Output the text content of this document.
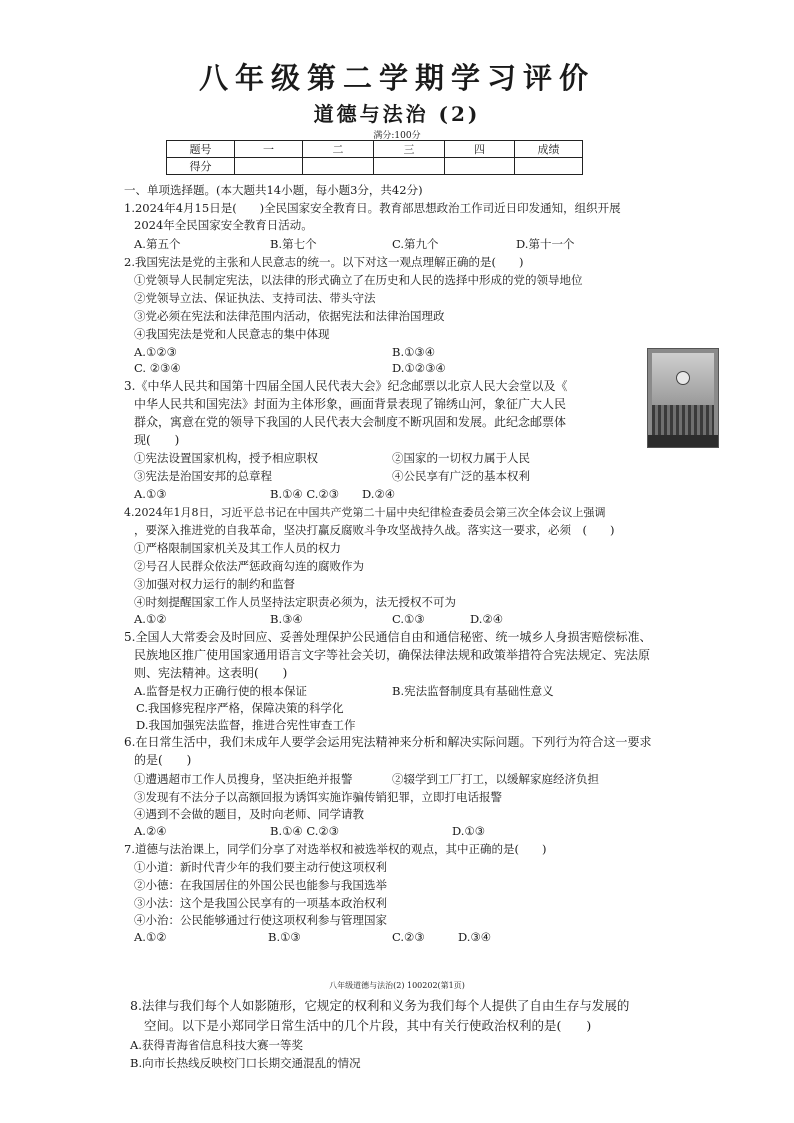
八年级第二学期学习评价
道德与法治 (2)
满分:100分
题号	一	二	三	四	成绩
得分					
一、单项选择题。(本大题共14小题，每小题3分，共42分)
1.2024年4月15日是(　　)全民国家安全教育日。教育部思想政治工作司近日印发通知，组织开展
2024年全民国家安全教育日活动。
A.第五个	B.第七个	C.第九个	D.第十一个
2.我国宪法是党的主张和人民意志的统一。以下对这一观点理解正确的是(　　)
①党领导人民制定宪法，以法律的形式确立了在历史和人民的选择中形成的党的领导地位
②党领导立法、保证执法、支持司法、带头守法
③党必须在宪法和法律范围内活动，依据宪法和法律治国理政
④我国宪法是党和人民意志的集中体现
A.①②③	B.①③④
C. ②③④	D.①②③④
3.《中华人民共和国第十四届全国人民代表大会》纪念邮票以北京人民大会堂以及《
中华人民共和国宪法》封面为主体形象，画面背景表现了锦绣山河，象征广大人民
群众，寓意在党的领导下我国的人民代表大会制度不断巩固和发展。此纪念邮票体
现(　　)
①宪法设置国家机构，授予相应职权	②国家的一切权力属于人民
③宪法是治国安邦的总章程	④公民享有广泛的基本权利
A.①③	B.①④ C.②③ D.②④
4.2024年1月8日，习近平总书记在中国共产党第二十届中央纪律检查委员会第三次全体会议上强调
，要深入推进党的自我革命，坚决打赢反腐败斗争攻坚战持久战。落实这一要求，必须　(　　)
①严格限制国家机关及其工作人员的权力
②号召人民群众依法严惩政商勾连的腐败作为
③加强对权力运行的制约和监督
④时刻提醒国家工作人员坚持法定职责必须为，法无授权不可为
A.①②	B.③④	C.①③	D.②④
5.全国人大常委会及时回应、妥善处理保护公民通信自由和通信秘密、统一城乡人身损害赔偿标准、
民族地区推广使用国家通用语言文字等社会关切，确保法律法规和政策举措符合宪法规定、宪法原
则、宪法精神。这表明(　　)
A.监督是权力正确行使的根本保证	B.宪法监督制度具有基础性意义
C.我国修宪程序严格，保障决策的科学化
D.我国加强宪法监督，推进合宪性审查工作
6.在日常生活中，我们未成年人要学会运用宪法精神来分析和解决实际问题。下列行为符合这一要求
的是(　　)
①遭遇超市工作人员搜身，坚决拒绝并报警	②辍学到工厂打工，以缓解家庭经济负担
③发现有不法分子以高额回报为诱饵实施诈骗传销犯罪，立即打电话报警
④遇到不会做的题目，及时向老师、同学请教
A.②④	B.①④ C.②③	D.①③
7.道德与法治课上，同学们分享了对选举权和被选举权的观点，其中正确的是(　　)
①小道：新时代青少年的我们要主动行使这项权利
②小德：在我国居住的外国公民也能参与我国选举
③小法：这个是我国公民享有的一项基本政治权利
④小治：公民能够通过行使这项权利参与管理国家
A.①②	B.①③	C.②③	D.③④
八年级道德与法治(2) 100202(第1页)
8.法律与我们每个人如影随形，它规定的权利和义务为我们每个人提供了自由生存与发展的
空间。以下是小郑同学日常生活中的几个片段，其中有关行使政治权利的是(　　)
A.获得青海省信息科技大赛一等奖
B.向市长热线反映校门口长期交通混乱的情况
